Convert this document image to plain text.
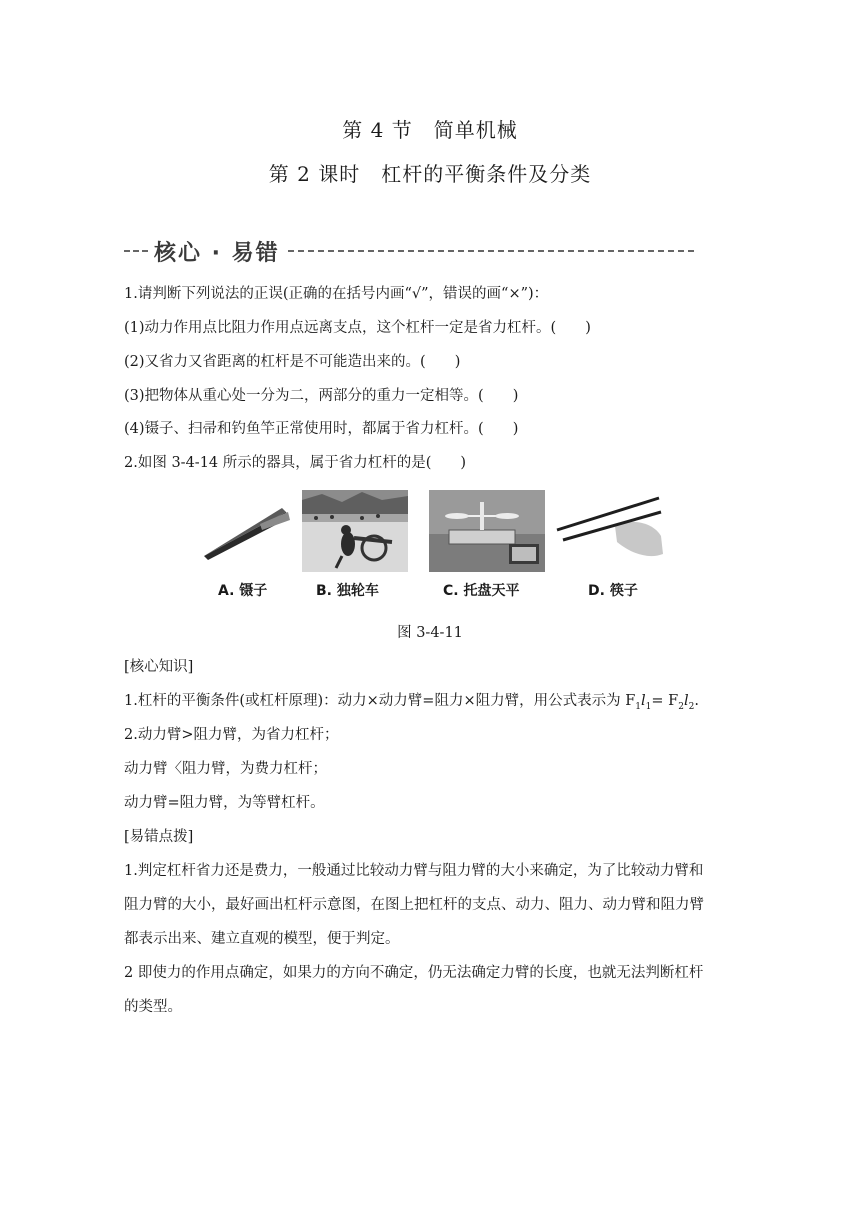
第 4 节　简单机械
第 2 课时　杠杆的平衡条件及分类
核心 · 易错
1.请判断下列说法的正误(正确的在括号内画“√”，错误的画“×”)：
(1)动力作用点比阻力作用点远离支点，这个杠杆一定是省力杠杆。(　　)
(2)又省力又省距离的杠杆是不可能造出来的。(　　)
(3)把物体从重心处一分为二，两部分的重力一定相等。(　　)
(4)镊子、扫帚和钓鱼竿正常使用时，都属于省力杠杆。(　　)
2.如图 3-4-14 所示的器具，属于省力杠杆的是(　　)
A. 镊子	B. 独轮车	C. 托盘天平	D. 筷子
图 3-4-11
[核心知识]
1.杠杆的平衡条件(或杠杆原理)：动力×动力臂=阻力×阻力臂，用公式表示为 $F_1l_1= F_2l_2$.
2.动力臂>阻力臂，为省力杠杆；
动力臂〈阻力臂，为费力杠杆；
动力臂=阻力臂，为等臂杠杆。
[易错点拨]
1.判定杠杆省力还是费力，一般通过比较动力臂与阻力臂的大小来确定，为了比较动力臂和
阻力臂的大小，最好画出杠杆示意图，在图上把杠杆的支点、动力、阻力、动力臂和阻力臂
都表示出来、建立直观的模型，便于判定。
2 即使力的作用点确定，如果力的方向不确定，仍无法确定力臂的长度，也就无法判断杠杆
的类型。
